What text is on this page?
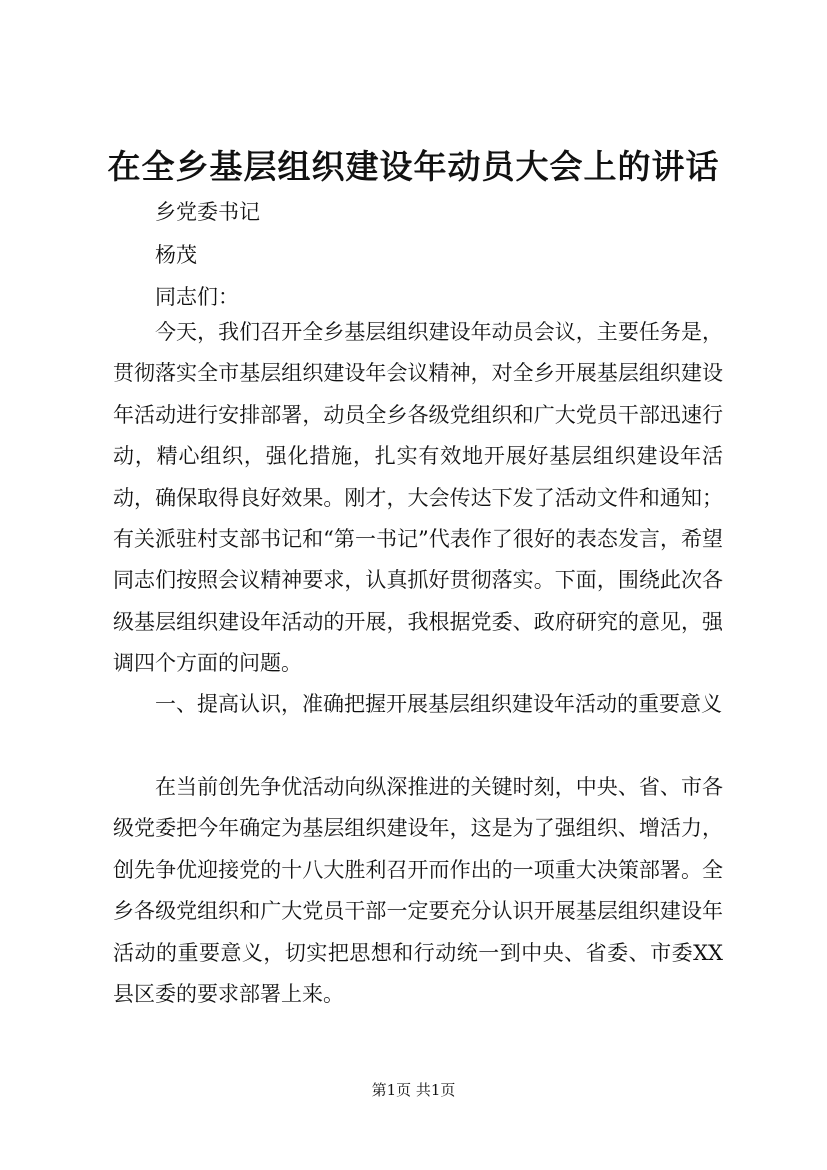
在全乡基层组织建设年动员大会上的讲话
乡党委书记
杨茂
同志们：

今天，我们召开全乡基层组织建设年动员会议，主要任务是，贯彻落实全市基层组织建设年会议精神，对全乡开展基层组织建设年活动进行安排部署，动员全乡各级党组织和广大党员干部迅速行动，精心组织，强化措施，扎实有效地开展好基层组织建设年活动，确保取得良好效果。刚才，大会传达下发了活动文件和通知；有关派驻村支部书记和“第一书记”代表作了很好的表态发言，希望同志们按照会议精神要求，认真抓好贯彻落实。下面，围绕此次各级基层组织建设年活动的开展，我根据党委、政府研究的意见，强调四个方面的问题。

一、提高认识，准确把握开展基层组织建设年活动的重要意义

在当前创先争优活动向纵深推进的关键时刻，中央、省、市各级党委把今年确定为基层组织建设年，这是为了强组织、增活力，创先争优迎接党的十八大胜利召开而作出的一项重大决策部署。全乡各级党组织和广大党员干部一定要充分认识开展基层组织建设年活动的重要意义，切实把思想和行动统一到中央、省委、市委XX县区委的要求部署上来。

第1页 共1页
